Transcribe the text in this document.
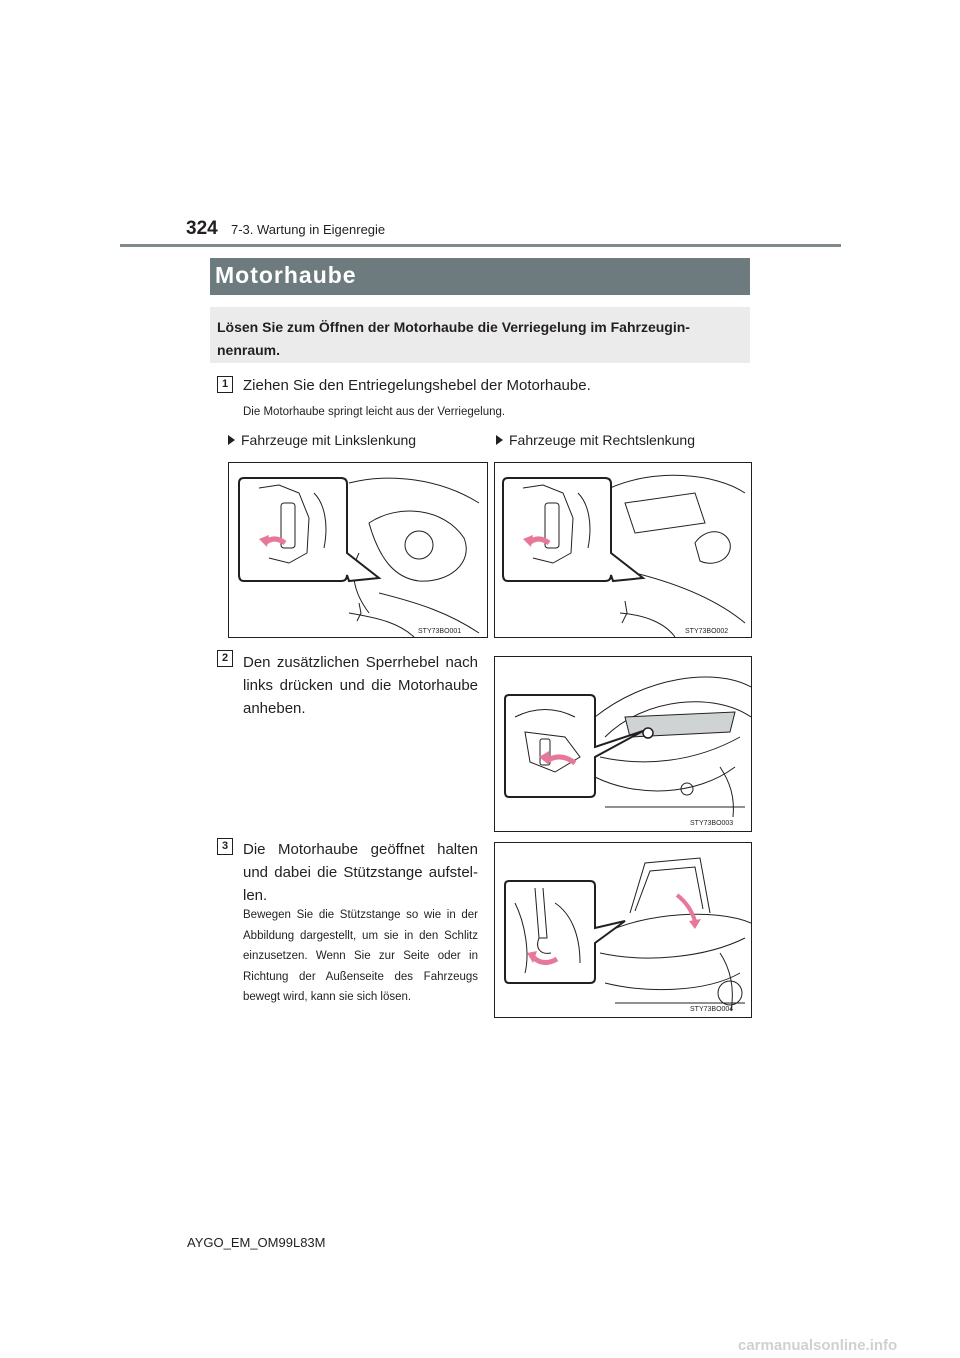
324 7-3. Wartung in Eigenregie
Motorhaube
Lösen Sie zum Öffnen der Motorhaube die Verriegelung im Fahrzeugin-nenraum.
1 Ziehen Sie den Entriegelungshebel der Motorhaube.
Die Motorhaube springt leicht aus der Verriegelung.
Fahrzeuge mit Linkslenkung	Fahrzeuge mit Rechtslenkung
STY73BO001	STY73BO002
2 Den zusätzlichen Sperrhebel nach links drücken und die Motorhaube anheben.
STY73BO003
3 Die Motorhaube geöffnet halten und dabei die Stützstange aufstel-len.
Bewegen Sie die Stützstange so wie in der Abbildung dargestellt, um sie in den Schlitz einzusetzen. Wenn Sie zur Seite oder in Richtung der Außenseite des Fahrzeugs bewegt wird, kann sie sich lösen.
STY73BO004
AYGO_EM_OM99L83M
carmanualsonline.info
